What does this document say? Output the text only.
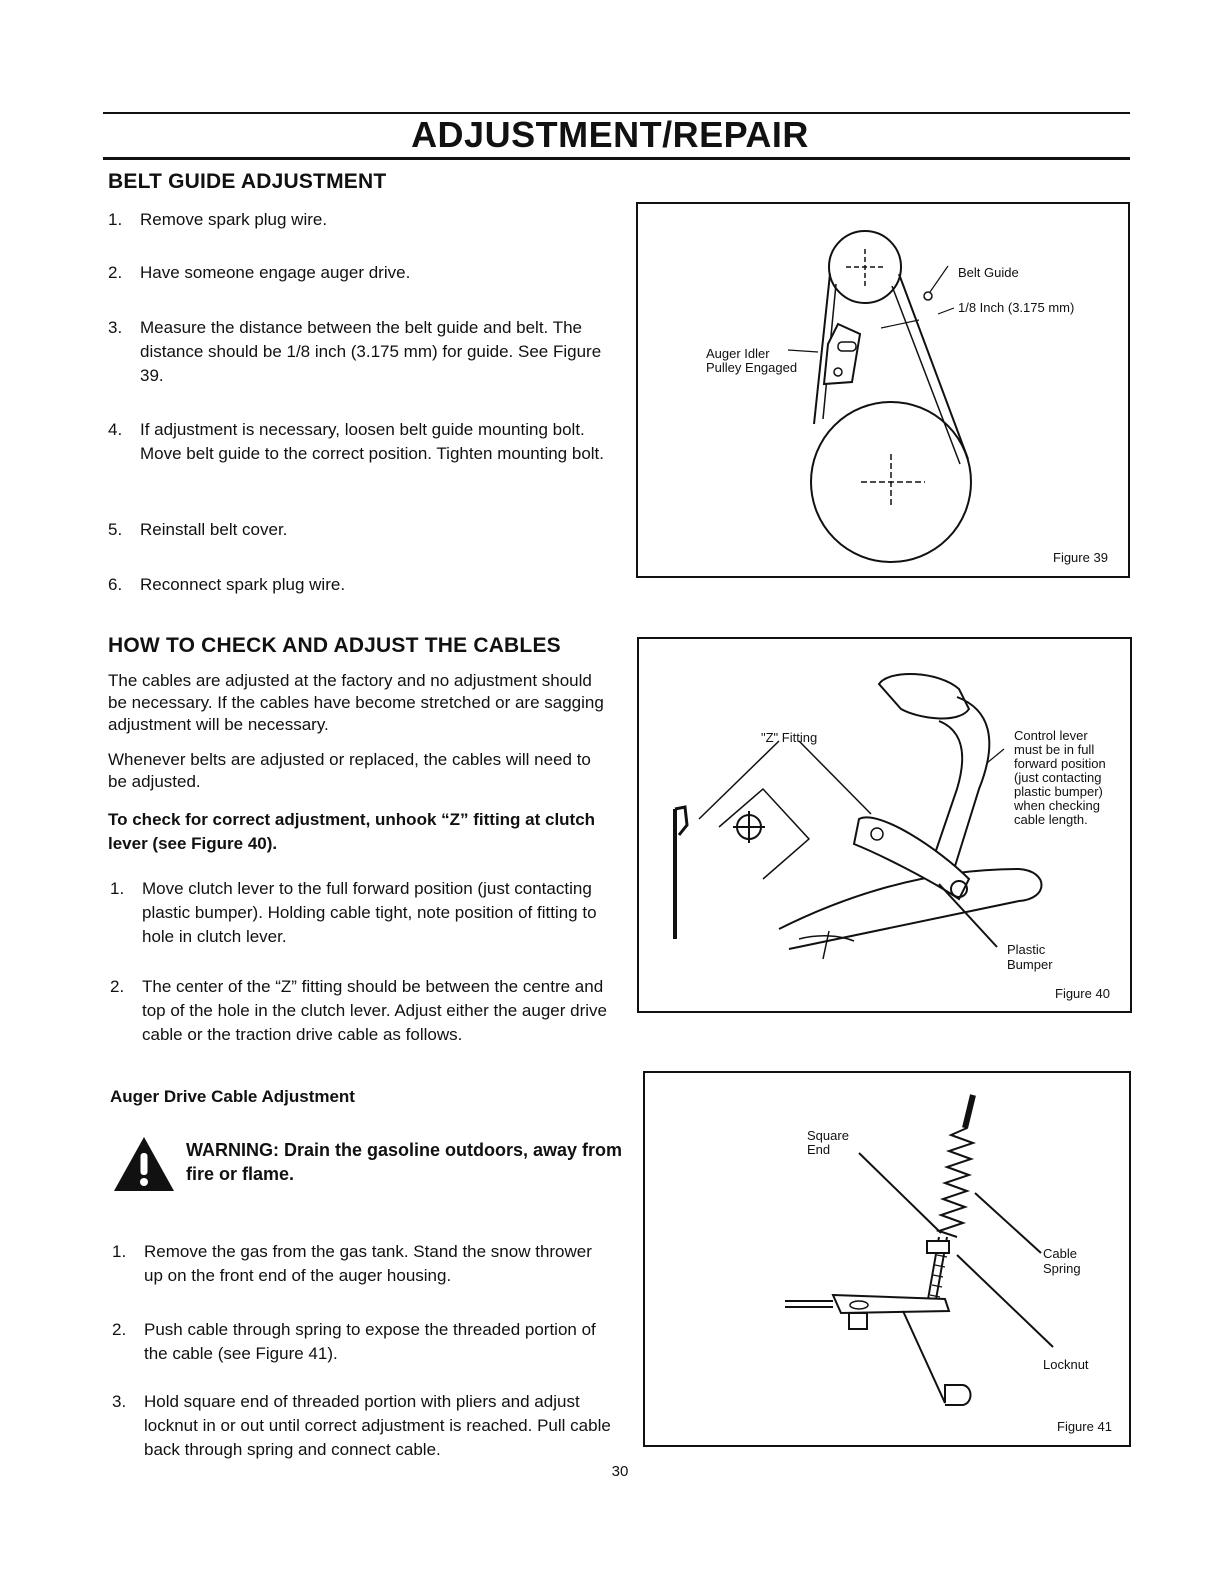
ADJUSTMENT/REPAIR
BELT GUIDE ADJUSTMENT
1. Remove spark plug wire.
2. Have someone engage auger drive.
3. Measure the distance between the belt guide and belt. The distance should be 1/8 inch (3.175 mm) for guide. See Figure 39.
4. If adjustment is necessary, loosen belt guide mounting bolt. Move belt guide to the correct position. Tighten mounting bolt.
5. Reinstall belt cover.
6. Reconnect spark plug wire.
Belt Guide
1/8 Inch (3.175 mm)
Auger Idler
Pulley Engaged
Figure 39
HOW TO CHECK AND ADJUST THE CABLES
The cables are adjusted at the factory and no adjustment should be necessary. If the cables have become stretched or are sagging adjustment will be necessary.
Whenever belts are adjusted or replaced, the cables will need to be adjusted.
To check for correct adjustment, unhook “Z” fitting at clutch lever (see Figure 40).
1. Move clutch lever to the full forward position (just contacting plastic bumper). Holding cable tight, note position of fitting to hole in clutch lever.
2. The center of the “Z” fitting should be between the centre and top of the hole in the clutch lever. Adjust either the auger drive cable or the traction drive cable as follows.
"Z" Fitting	Control lever
must be in full
forward position
(just contacting
plastic bumper)
when checking
cable length.
Plastic
Bumper
Figure 40
Auger Drive Cable Adjustment
WARNING: Drain the gasoline outdoors, away from fire or flame.
1. Remove the gas from the gas tank. Stand the snow thrower up on the front end of the auger housing.
2. Push cable through spring to expose the threaded portion of the cable (see Figure 41).
3. Hold square end of threaded portion with pliers and adjust locknut in or out until correct adjustment is reached. Pull cable back through spring and connect cable.
Square
End
Cable
Spring
Locknut
Figure 41
30
